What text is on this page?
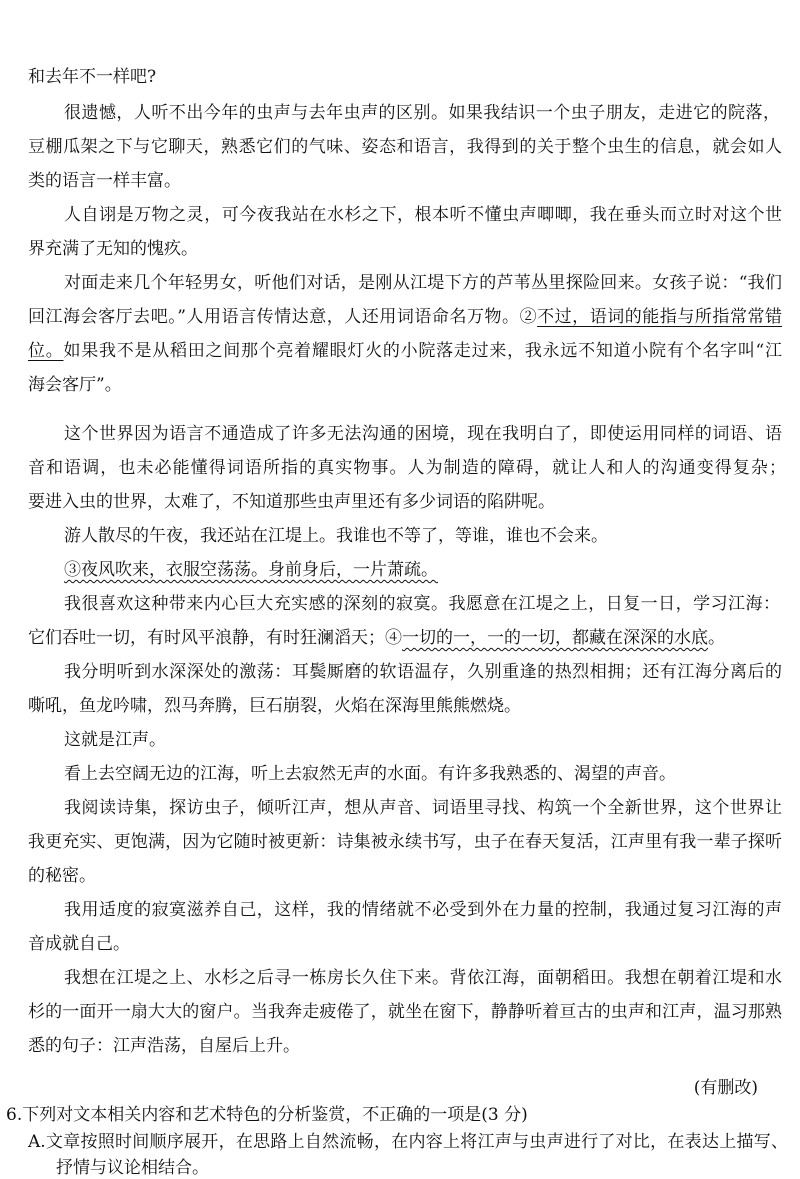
和去年不一样吧?
很遗憾，人听不出今年的虫声与去年虫声的区别。如果我结识一个虫子朋友，走进它的院落，
豆棚瓜架之下与它聊天，熟悉它们的气味、姿态和语言，我得到的关于整个虫生的信息，就会如人
类的语言一样丰富。
人自诩是万物之灵，可今夜我站在水杉之下，根本听不懂虫声唧唧，我在垂头而立时对这个世
界充满了无知的愧疚。
对面走来几个年轻男女，听他们对话，是刚从江堤下方的芦苇丛里探险回来。女孩子说：“我们
回江海会客厅去吧。”人用语言传情达意，人还用词语命名万物。②不过，语词的能指与所指常常错
位。如果我不是从稻田之间那个亮着耀眼灯火的小院落走过来，我永远不知道小院有个名字叫“江
海会客厅”。
这个世界因为语言不通造成了许多无法沟通的困境，现在我明白了，即使运用同样的词语、语
音和语调，也未必能懂得词语所指的真实物事。人为制造的障碍，就让人和人的沟通变得复杂；
要进入虫的世界，太难了，不知道那些虫声里还有多少词语的陷阱呢。
游人散尽的午夜，我还站在江堤上。我谁也不等了，等谁，谁也不会来。
③夜风吹来，衣服空荡荡。身前身后，一片萧疏。
我很喜欢这种带来内心巨大充实感的深刻的寂寞。我愿意在江堤之上，日复一日，学习江海：
它们吞吐一切，有时风平浪静，有时狂澜滔天；④一切的一，一的一切，都藏在深深的水底。
我分明听到水深深处的激荡：耳鬓厮磨的软语温存，久别重逢的热烈相拥；还有江海分离后的
嘶吼，鱼龙吟啸，烈马奔腾，巨石崩裂，火焰在深海里熊熊燃烧。
这就是江声。
看上去空阔无边的江海，听上去寂然无声的水面。有许多我熟悉的、渴望的声音。
我阅读诗集，探访虫子，倾听江声，想从声音、词语里寻找、构筑一个全新世界，这个世界让
我更充实、更饱满，因为它随时被更新：诗集被永续书写，虫子在春天复活，江声里有我一辈子探听
的秘密。
我用适度的寂寞滋养自己，这样，我的情绪就不必受到外在力量的控制，我通过复习江海的声
音成就自己。
我想在江堤之上、水杉之后寻一栋房长久住下来。背依江海，面朝稻田。我想在朝着江堤和水
杉的一面开一扇大大的窗户。当我奔走疲倦了，就坐在窗下，静静听着亘古的虫声和江声，温习那熟
悉的句子：江声浩荡，自屋后上升。
(有删改)
6.下列对文本相关内容和艺术特色的分析鉴赏，不正确的一项是(3 分)
A.文章按照时间顺序展开，在思路上自然流畅，在内容上将江声与虫声进行了对比，在表达上描写、
抒情与议论相结合。
